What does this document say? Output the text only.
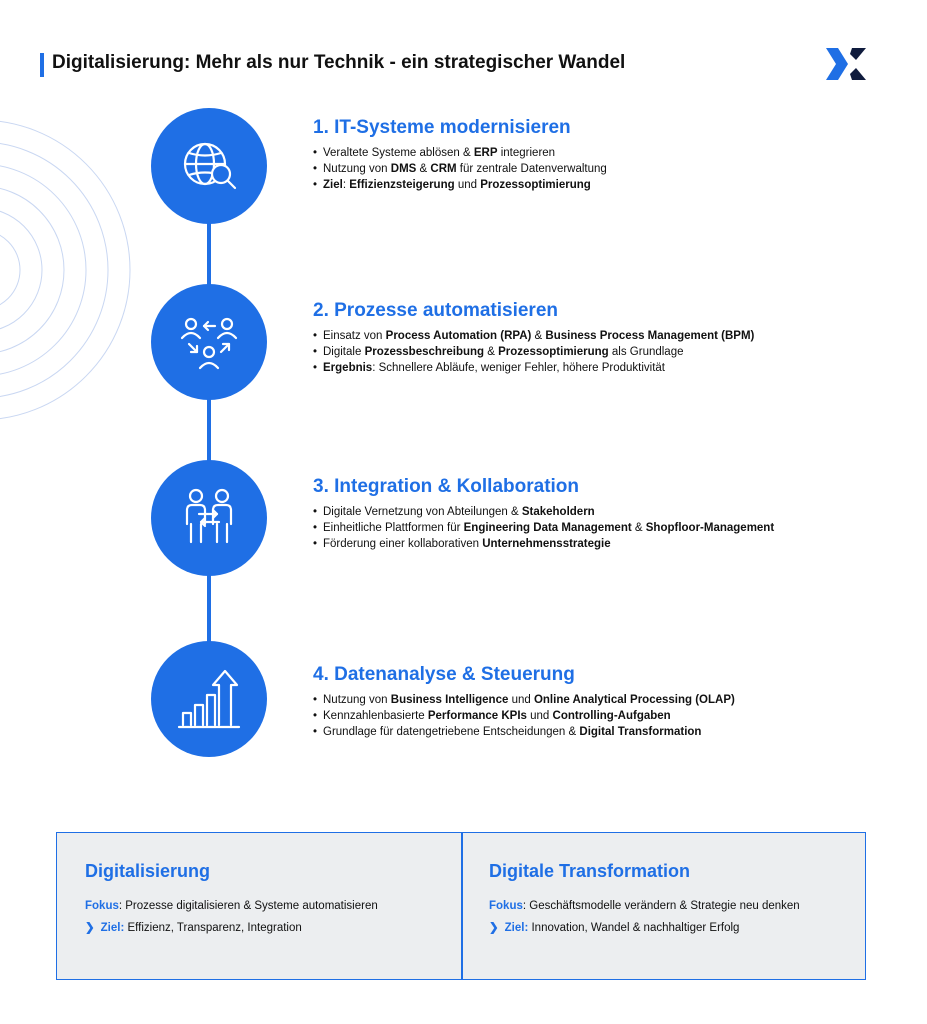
Digitalisierung: Mehr als nur Technik - ein strategischer Wandel
1. IT-Systeme modernisieren
• Veraltete Systeme ablösen & ERP integrieren
• Nutzung von DMS & CRM für zentrale Datenverwaltung
• Ziel: Effizienzsteigerung und Prozessoptimierung
2. Prozesse automatisieren
• Einsatz von Process Automation (RPA) & Business Process Management (BPM)
• Digitale Prozessbeschreibung & Prozessoptimierung als Grundlage
• Ergebnis: Schnellere Abläufe, weniger Fehler, höhere Produktivität
3. Integration & Kollaboration
• Digitale Vernetzung von Abteilungen & Stakeholdern
• Einheitliche Plattformen für Engineering Data Management & Shopfloor-Management
• Förderung einer kollaborativen Unternehmensstrategie
4. Datenanalyse & Steuerung
• Nutzung von Business Intelligence und Online Analytical Processing (OLAP)
• Kennzahlenbasierte Performance KPIs und Controlling-Aufgaben
• Grundlage für datengetriebene Entscheidungen & Digital Transformation
Digitalisierung
Fokus: Prozesse digitalisieren & Systeme automatisieren
❯ Ziel: Effizienz, Transparenz, Integration
Digitale Transformation
Fokus: Geschäftsmodelle verändern & Strategie neu denken
❯ Ziel: Innovation, Wandel & nachhaltiger Erfolg
